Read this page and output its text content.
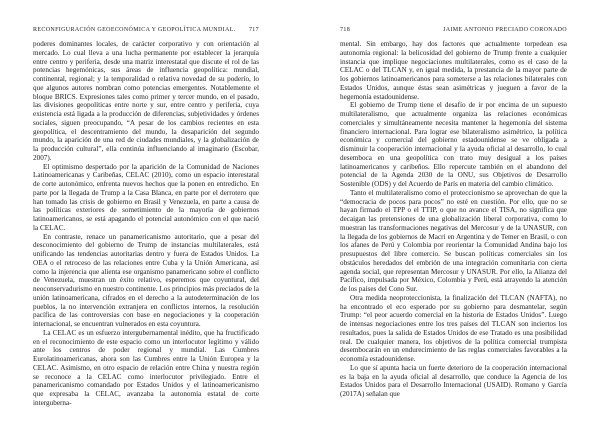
RECONFIGURACIÓN GEOECONÓMICA Y GEOPOLÍTICA MUNDIAL. 717

poderes dominantes locales, de carácter corporativo y con orientación al mercado. Lo cual lleva a una lucha permanente por establecer la jerarquía entre centro y periferia, desde una matriz interestatal que discute el rol de las potencias hegemónicas, sus áreas de influencia geopolítica: mundial, continental, regional; y la temporalidad o relativa novedad de su poderío, lo que algunos autores nombran como potencias emergentes. Notablemente el bloque BRICS. Expresiones tales como primer y tercer mundo, en el pasado, las divisiones geopolíticas entre norte y sur, entre centro y periferia, cuya existencia está ligada a la producción de diferencias, subjetividades y órdenes sociales, siguen preocupando, “A pesar de los cambios recientes en esta geopolítica, el descentramiento del mundo, la desaparición del segundo mundo, la aparición de una red de ciudades mundiales, y la globalización de la producción cultural”, ella continúa influenciando al imaginario (Escobar, 2007).

El optimismo despertado por la aparición de la Comunidad de Naciones Latinoamericanas y Caribeñas, CELAC (2010), como un espacio interestatal de corte autonómico, enfrenta nuevos hechos que la ponen en entredicho. En parte por la llegada de Trump a la Casa Blanca, en parte por el derrotero que han tomado las crisis de gobierno en Brasil y Venezuela, en parte a causa de las políticas exteriores de sometimiento de la mayoría de gobiernos latinoamericanos, se está apagando el potencial autonómico con el que nació la CELAC.

En contraste, renace un panamericanismo autoritario, que a pesar del desconocimiento del gobierno de Trump de instancias multilaterales, está unificando las tendencias autoritarias dentro y fuera de Estados Unidos. La OEA o el retroceso de las relaciones entre Cuba y la Unión Americana, así como la injerencia que alienta ese organismo panamericano sobre el conflicto de Venezuela, muestran un éxito relativo, esperemos que coyuntural, del neoconservadurismo en nuestro continente. Los principios más preciados de la unión latinoamericana, cifrados en el derecho a la autodeterminación de los pueblos, la no intervención extranjera en conflictos internos, la resolución pacífica de las controversias con base en negociaciones y la cooperación internacional, se encuentran vulnerados en esta coyuntura.

La CELAC es un esfuerzo intergubernamental inédito, que ha fructificado en el reconocimiento de este espacio como un interlocutor legítimo y válido ante los centros de poder regional y mundial. Las Cumbres Eurolatinoamericanas, ahora son las Cumbres entre la Unión Europea y la CELAC. Asimismo, en otro espacio de relación entre China y nuestra región se reconoce a la CELAC como interlocutor privilegiado. Entre el panamericanismo comandado por Estados Unidos y el latinoamericanismo que expresaba la CELAC, avanzaba la autonomía estatal de corte interguberna-

718	JAIME ANTONIO PRECIADO CORONADO

mental. Sin embargo, hay dos factores que actualmente torpedean esa autonomía regional: la belicosidad del gobierno de Trump frente a cualquier instancia que implique negociaciones multilaterales, como es el caso de la CELAC o del TLCAN y, en igual medida, la prestancia de la mayor parte de los gobiernos latinoamericanos para someterse a las relaciones bilaterales con Estados Unidos, aunque éstas sean asimétricas y jueguen a favor de la hegemonía estadounidense.

El gobierno de Trump tiene el desafío de ir por encima de un supuesto multilateralismo, que actualmente organiza las relaciones económicas comerciales y simultáneamente necesita mantener la hegemonía del sistema financiero internacional. Para lograr ese bilateralismo asimétrico, la política económica y comercial del gobierno estadounidense se ve obligada a disminuir la cooperación internacional y la ayuda oficial al desarrollo, lo cual desemboca en una geopolítica con trato muy desigual a los países latinoamericanos y caribeños. Ello repercute también en el abandono del potencial de la Agenda 2030 de la ONU, sus Objetivos de Desarrollo Sostenible (ODS) y del Acuerdo de París en materia del cambio climático.

Tanto el multilateralismo como el proteccionismo se aprovechan de que la “democracia de pocos para pocos” no esté en cuestión. Por ello, que no se hayan firmado el TPP o el TTIP, o que no avance el TISA, no significa que decaigan las pretensiones de una globalización liberal corporativa, como lo muestran las transformaciones negativas del Mercosur y de la UNASUR, con la llegada de los gobiernos de Macri en Argentina y de Temer en Brasil, o con los afanes de Perú y Colombia por reorientar la Comunidad Andina bajo los presupuestos del libre comercio. Se buscan políticas comerciales sin los obstáculos heredados del embrión de una integración comunitaria con cierta agenda social, que representan Mercosur y UNASUR. Por ello, la Alianza del Pacífico, impulsada por México, Colombia y Perú, está atrayendo la atención de los países del Cono Sur.

Otra medida neoproteccionista, la finalización del TLCAN (NAFTA), no ha encontrado el eco esperado por su gobierno para desmantelar, según Trump: “el peor acuerdo comercial en la historia de Estados Unidos”. Luego de intensas negociaciones entre los tres países del TLCAN son inciertos los resultados, pues la salida de Estados Unidos de ese Tratado es una posibilidad real. De cualquier manera, los objetivos de la política comercial trumpista desembocarán en un endurecimiento de las reglas comerciales favorables a la economía estadounidense.

Lo que sí apunta hacia un fuerte deterioro de la cooperación internacional es la baja en la ayuda oficial al desarrollo, que conduce la Agencia de los Estados Unidos para el Desarrollo Internacional (USAID). Romano y García (2017A) señalan que
